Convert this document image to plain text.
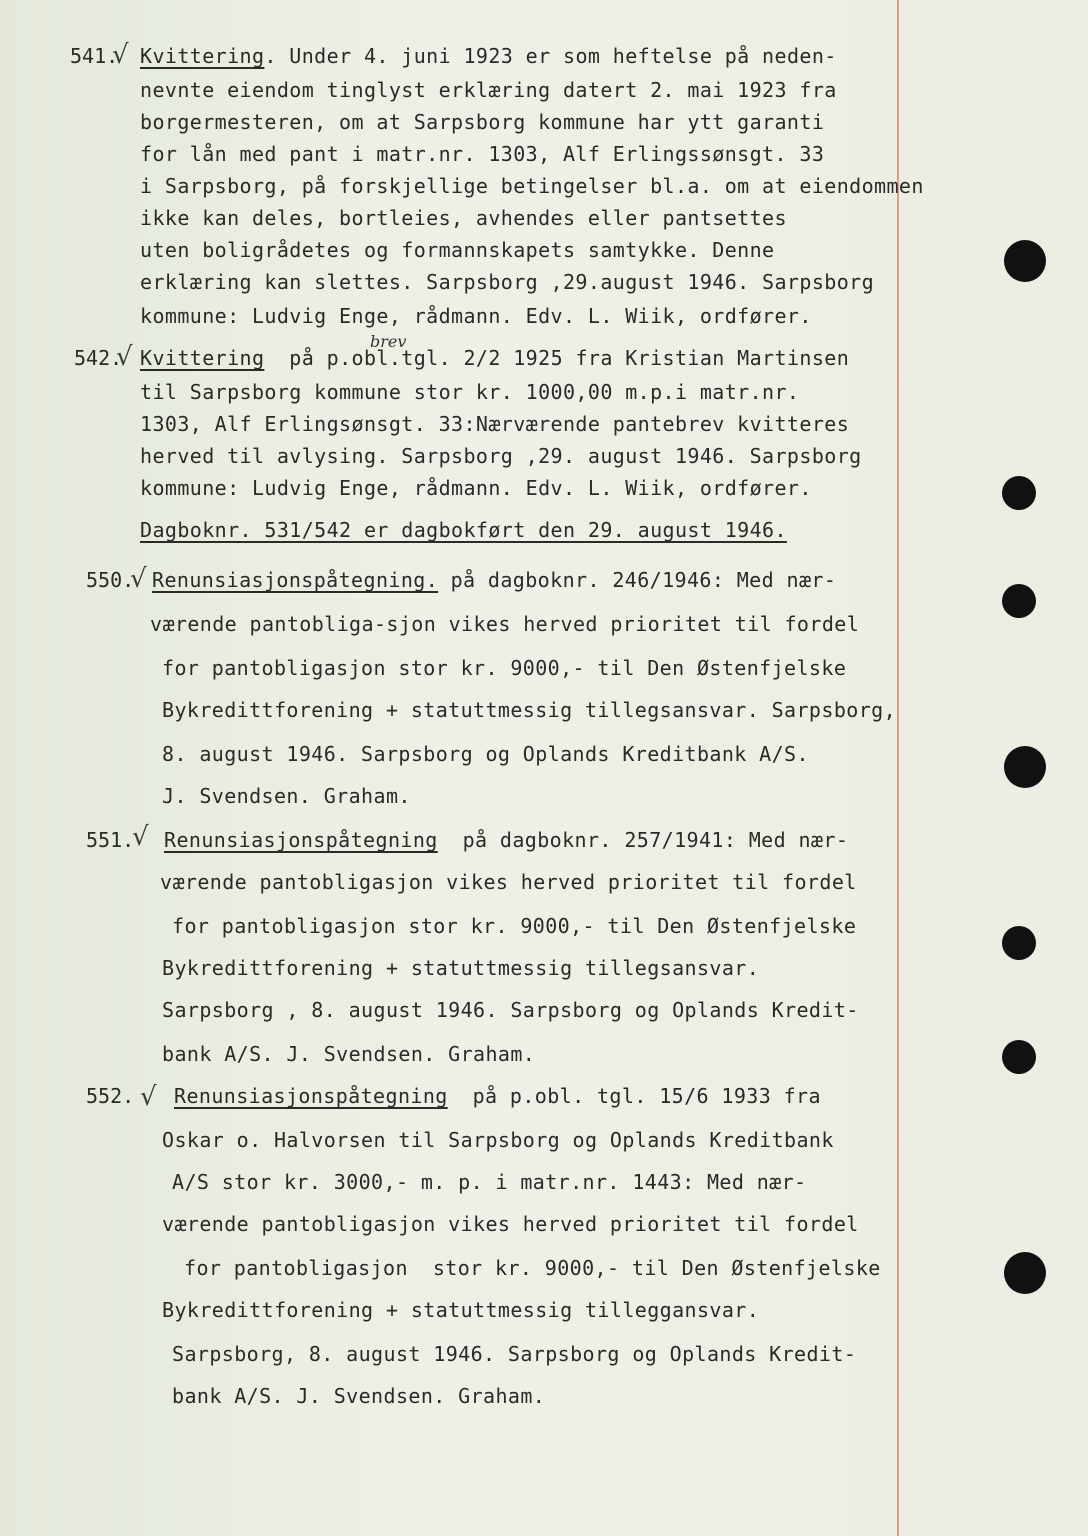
541.
√ Kvittering. Under 4. juni 1923 er som heftelse på neden-
nevnte eiendom tinglyst erklæring datert 2. mai 1923 fra
borgermesteren, om at Sarpsborg kommune har ytt garanti
for lån med pant i matr.nr. 1303, Alf Erlingssønsgt. 33
i Sarpsborg, på forskjellige betingelser bl.a. om at eiendommen
ikke kan deles, bortleies, avhendes eller pantsettes
uten boligrådetes og formannskapets samtykke. Denne
erklæring kan slettes. Sarpsborg ,29.august 1946. Sarpsborg
kommune: Ludvig Enge, rådmann. Edv. L. Wiik, ordfører.
brev
542.
√ Kvittering  på p.obl.tgl. 2/2 1925 fra Kristian Martinsen
til Sarpsborg kommune stor kr. 1000,00 m.p.i matr.nr.
1303, Alf Erlingsønsgt. 33:Nærværende pantebrev kvitteres
herved til avlysing. Sarpsborg ,29. august 1946. Sarpsborg
kommune: Ludvig Enge, rådmann. Edv. L. Wiik, ordfører.
Dagboknr. 531/542 er dagbokført den 29. august 1946.
550.
√ Renunsiasjonspåtegning. på dagboknr. 246/1946: Med nær-
værende pantobliga-sjon vikes herved prioritet til fordel
for pantobligasjon stor kr. 9000,- til Den Østenfjelske
Bykredittforening + statuttmessig tillegsansvar. Sarpsborg,
8. august 1946. Sarpsborg og Oplands Kreditbank A/S.
J. Svendsen. Graham.
551.
√ Renunsiasjonspåtegning  på dagboknr. 257/1941: Med nær-
værende pantobligasjon vikes herved prioritet til fordel
for pantobligasjon stor kr. 9000,- til Den Østenfjelske
Bykredittforening + statuttmessig tillegsansvar.
Sarpsborg , 8. august 1946. Sarpsborg og Oplands Kredit-
bank A/S. J. Svendsen. Graham.
552. √ Renunsiasjonspåtegning  på p.obl. tgl. 15/6 1933 fra
Oskar o. Halvorsen til Sarpsborg og Oplands Kreditbank
A/S stor kr. 3000,- m. p. i matr.nr. 1443: Med nær-
værende pantobligasjon vikes herved prioritet til fordel
for pantobligasjon  stor kr. 9000,- til Den Østenfjelske
Bykredittforening + statuttmessig tilleggansvar.
Sarpsborg, 8. august 1946. Sarpsborg og Oplands Kredit-
bank A/S. J. Svendsen. Graham.
